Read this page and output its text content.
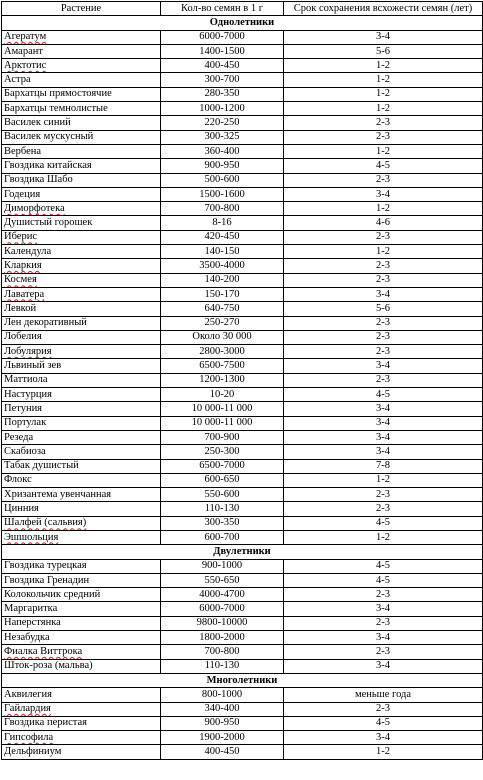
Растение	Кол-во семян в 1 г	Срок сохранения всхожести семян (лет)
Однолетники		
Агератум	6000-7000	3-4
Амарант	1400-1500	5-6
Арктотис	400-450	1-2
Астра	300-700	1-2
Бархатцы прямостоячие	280-350	1-2
Бархатцы темнолистые	1000-1200	1-2
Василек синий	220-250	2-3
Василек мускусный	300-325	2-3
Вербена	360-400	1-2
Гвоздика китайская	900-950	4-5
Гвоздика Шабо	500-600	2-3
Годеция	1500-1600	3-4
Диморфотека	700-800	1-2
Душистый горошек	8-16	4-6
Иберис	420-450	2-3
Календула	140-150	1-2
Кларкия	3500-4000	2-3
Космея	140-200	2-3
Лаватера	150-170	3-4
Левкой	640-750	5-6
Лен декоративный	250-270	2-3
Лобелия	Около 30 000	2-3
Лобулярия	2800-3000	2-3
Львиный зев	6500-7500	3-4
Маттиола	1200-1300	2-3
Настурция	10-20	4-5
Петуния	10 000-11 000	3-4
Портулак	10 000-11 000	3-4
Резеда	700-900	3-4
Скабиоза	250-300	3-4
Табак душистый	6500-7000	7-8
Флокс	600-650	1-2
Хризантема увенчанная	550-600	2-3
Цинния	110-130	2-3
Шалфей (сальвия)	300-350	4-5
Эшшольция	600-700	1-2
Двулетники		
Гвоздика турецкая	900-1000	4-5
Гвоздика Гренадин	550-650	4-5
Колокольчик средний	4000-4700	2-3
Маргаритка	6000-7000	3-4
Наперстянка	9800-10000	2-3
Незабудка	1800-2000	3-4
Фиалка Виттрока	700-800	2-3
Шток-роза (мальва)	110-130	3-4
Многолетники		
Аквилегия	800-1000	меньше года
Гайлардия	340-400	2-3
Гвоздика перистая	900-950	4-5
Гипсофила	1900-2000	3-4
Дельфиниум	400-450	1-2
